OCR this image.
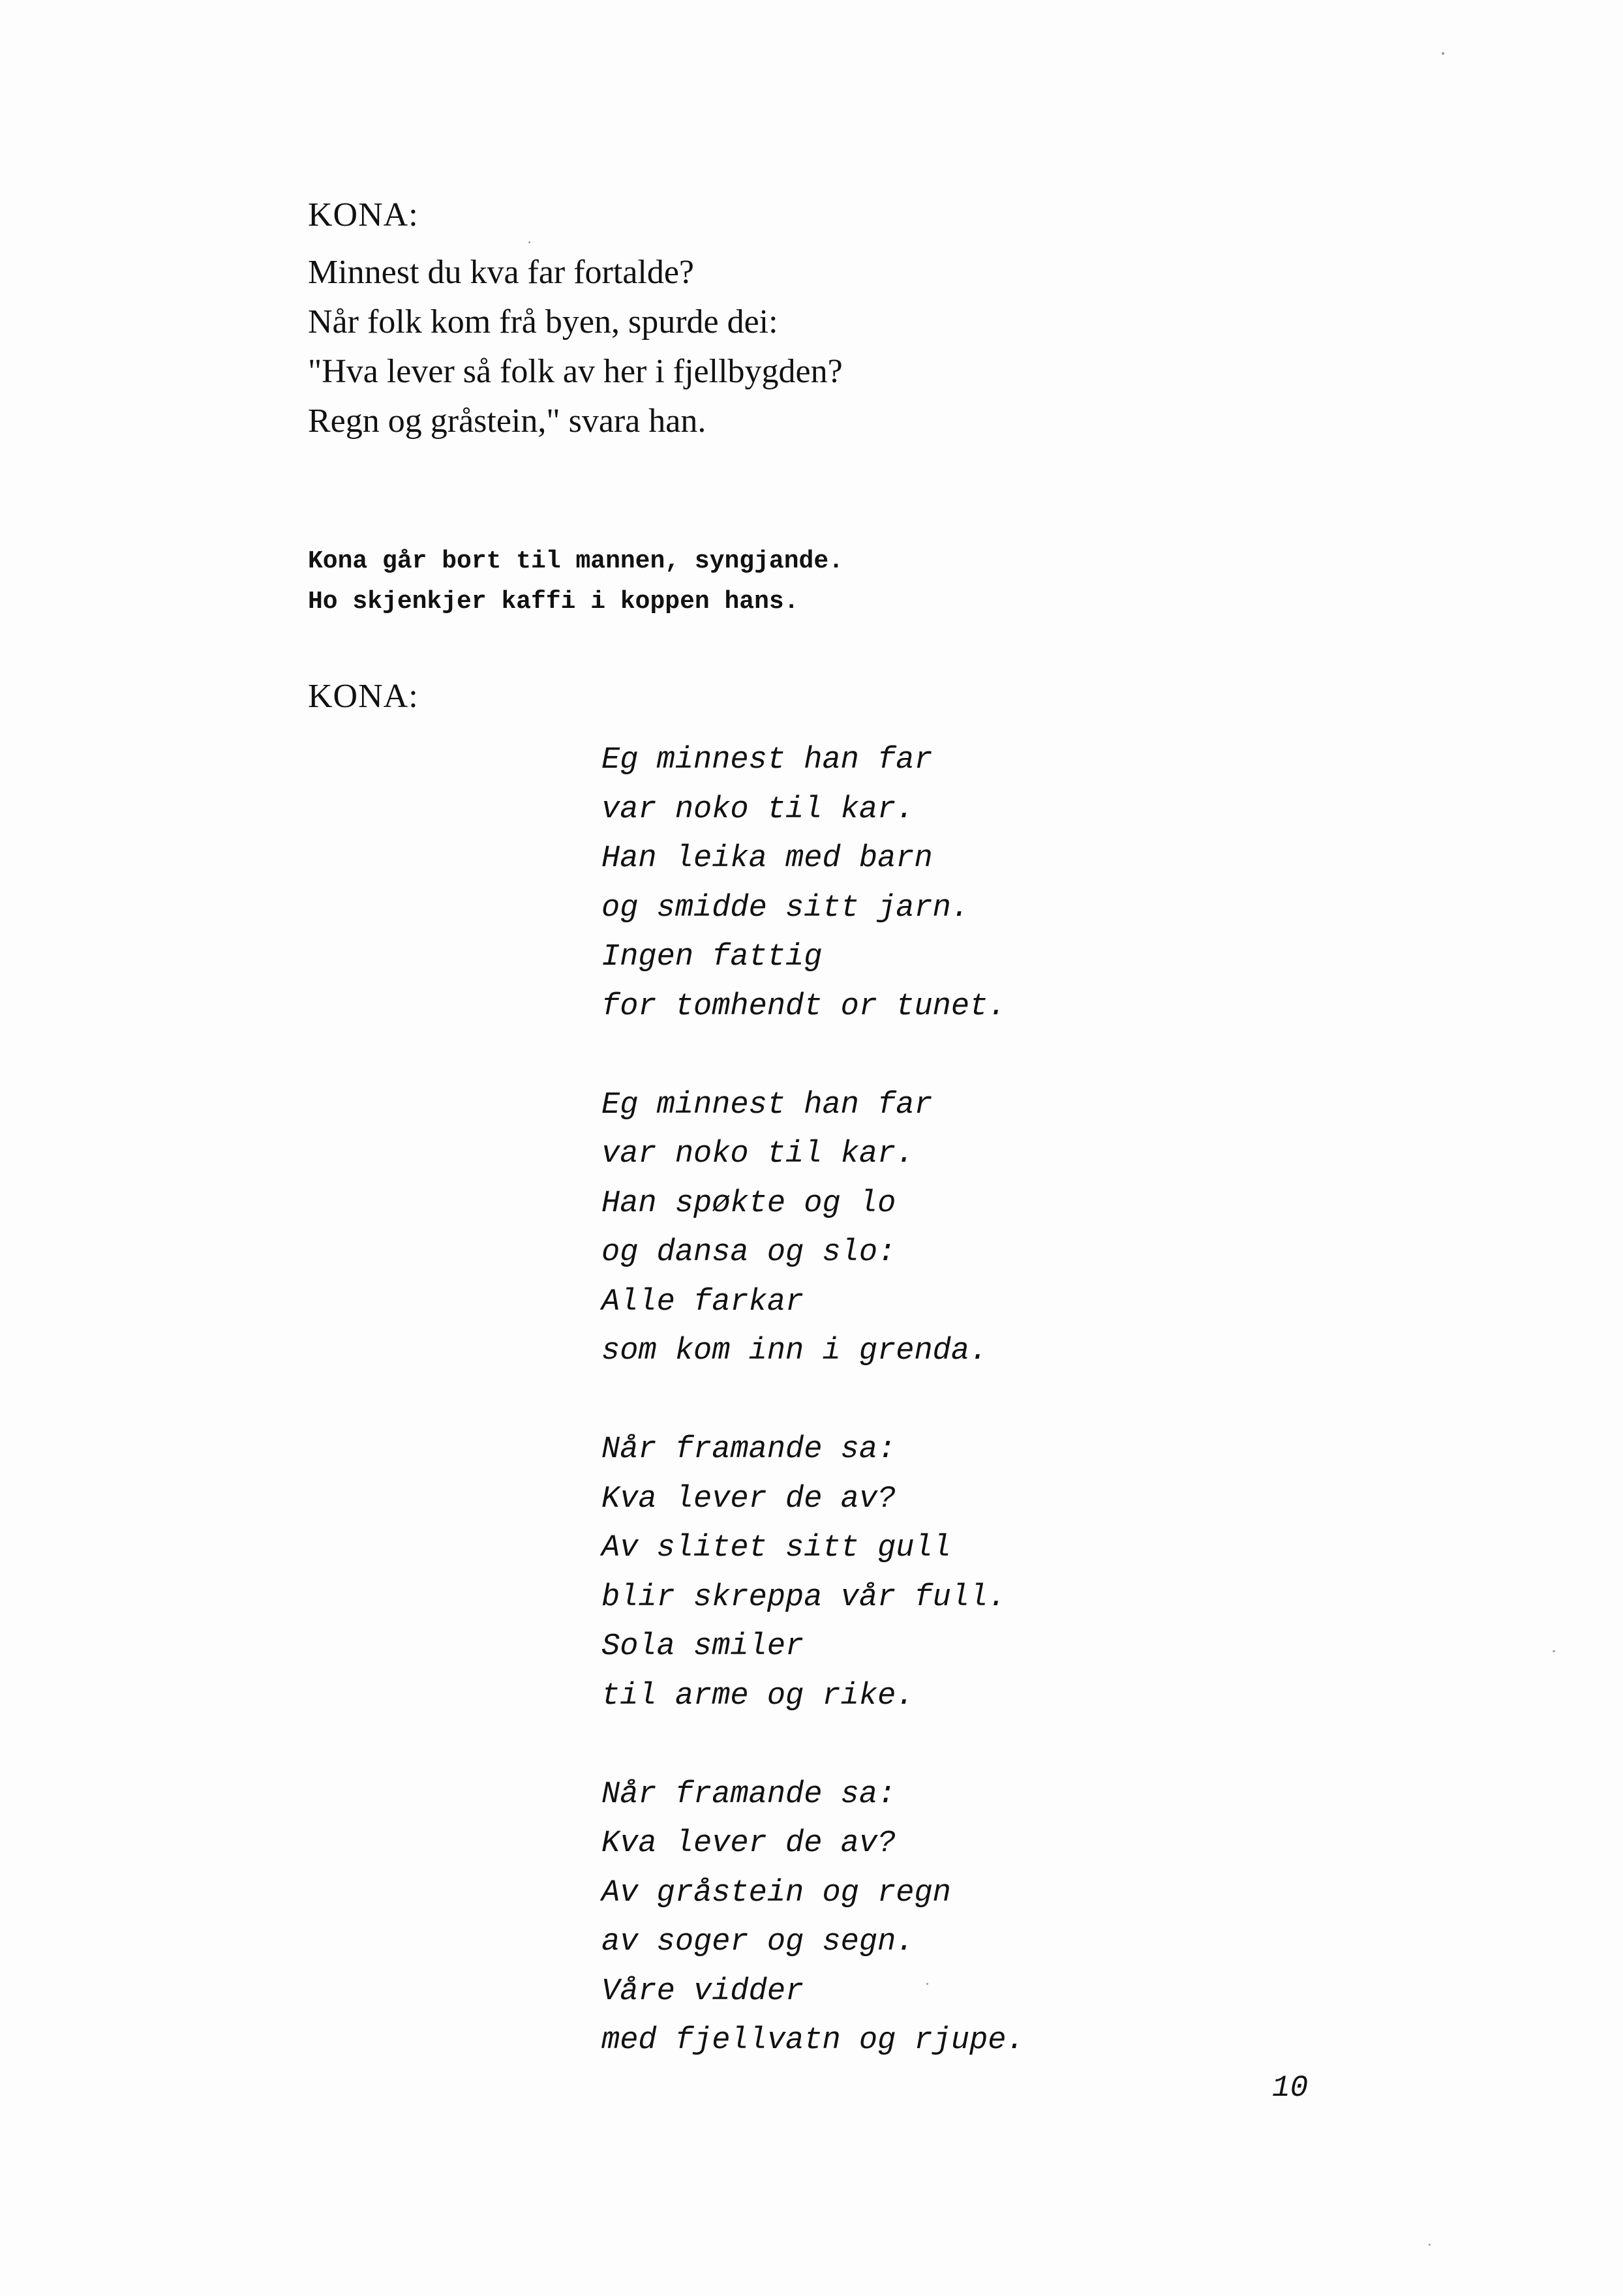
KONA:
Minnest du kva far fortalde?
Når folk kom frå byen, spurde dei:
"Hva lever så folk av her i fjellbygden?
Regn og gråstein," svara han.
Kona går bort til mannen, syngjande.
Ho skjenkjer kaffi i koppen hans.
KONA:
Eg minnest han far
var noko til kar.
Han leika med barn
og smidde sitt jarn.
Ingen fattig
for tomhendt or tunet.
Eg minnest han far
var noko til kar.
Han spøkte og lo
og dansa og slo:
Alle farkar
som kom inn i grenda.
Når framande sa:
Kva lever de av?
Av slitet sitt gull
blir skreppa vår full.
Sola smiler
til arme og rike.
Når framande sa:
Kva lever de av?
Av gråstein og regn
av soger og segn.
Våre vidder
med fjellvatn og rjupe.
10
